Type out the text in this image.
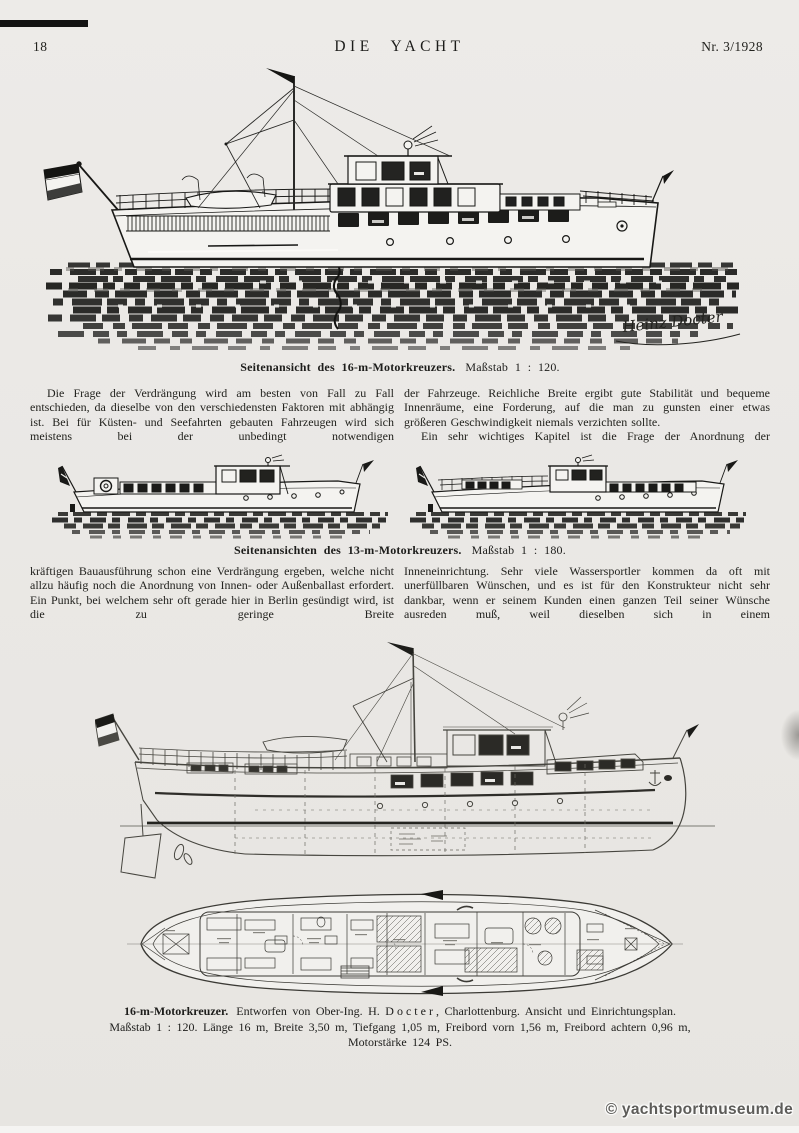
18	DIE YACHT	Nr. 3/1928
Heinz Docter
Seitenansicht des 16-m-Motorkreuzers. Maßstab 1 : 120.

Die Frage der Verdrängung wird am besten von Fall zu Fall entschieden, da dieselbe von den verschiedensten Faktoren mit abhängig ist. Bei für Küsten- und Seefahrten gebauten Fahrzeugen wird sich meistens bei der unbedingt notwendigen

der Fahrzeuge. Reichliche Breite ergibt gute Stabilität und bequeme Innenräume, eine Forderung, auf die man zu gunsten einer etwas größeren Geschwindigkeit niemals verzichten sollte.

Ein sehr wichtiges Kapitel ist die Frage der Anordnung der

Seitenansichten des 13-m-Motorkreuzers. Maßstab 1 : 180.

kräftigen Bauausführung schon eine Verdrängung ergeben, welche nicht allzu häufig noch die Anordnung von Innen- oder Außenballast erfordert. Ein Punkt, bei welchem sehr oft gerade hier in Berlin gesündigt wird, ist die zu geringe Breite

Inneneinrichtung. Sehr viele Wassersportler kommen da oft mit unerfüllbaren Wünschen, und es ist für den Konstrukteur nicht sehr dankbar, wenn er seinem Kunden einen ganzen Teil seiner Wünsche ausreden muß, weil dieselben sich in einem

16-m-Motorkreuzer. Entworfen von Ober-Ing. H. Docter, Charlottenburg. Ansicht und Einrichtungsplan.
Maßstab 1 : 120. Länge 16 m, Breite 3,50 m, Tiefgang 1,05 m, Freibord vorn 1,56 m, Freibord achtern 0,96 m,
Motorstärke 124 PS.
© yachtsportmuseum.de
